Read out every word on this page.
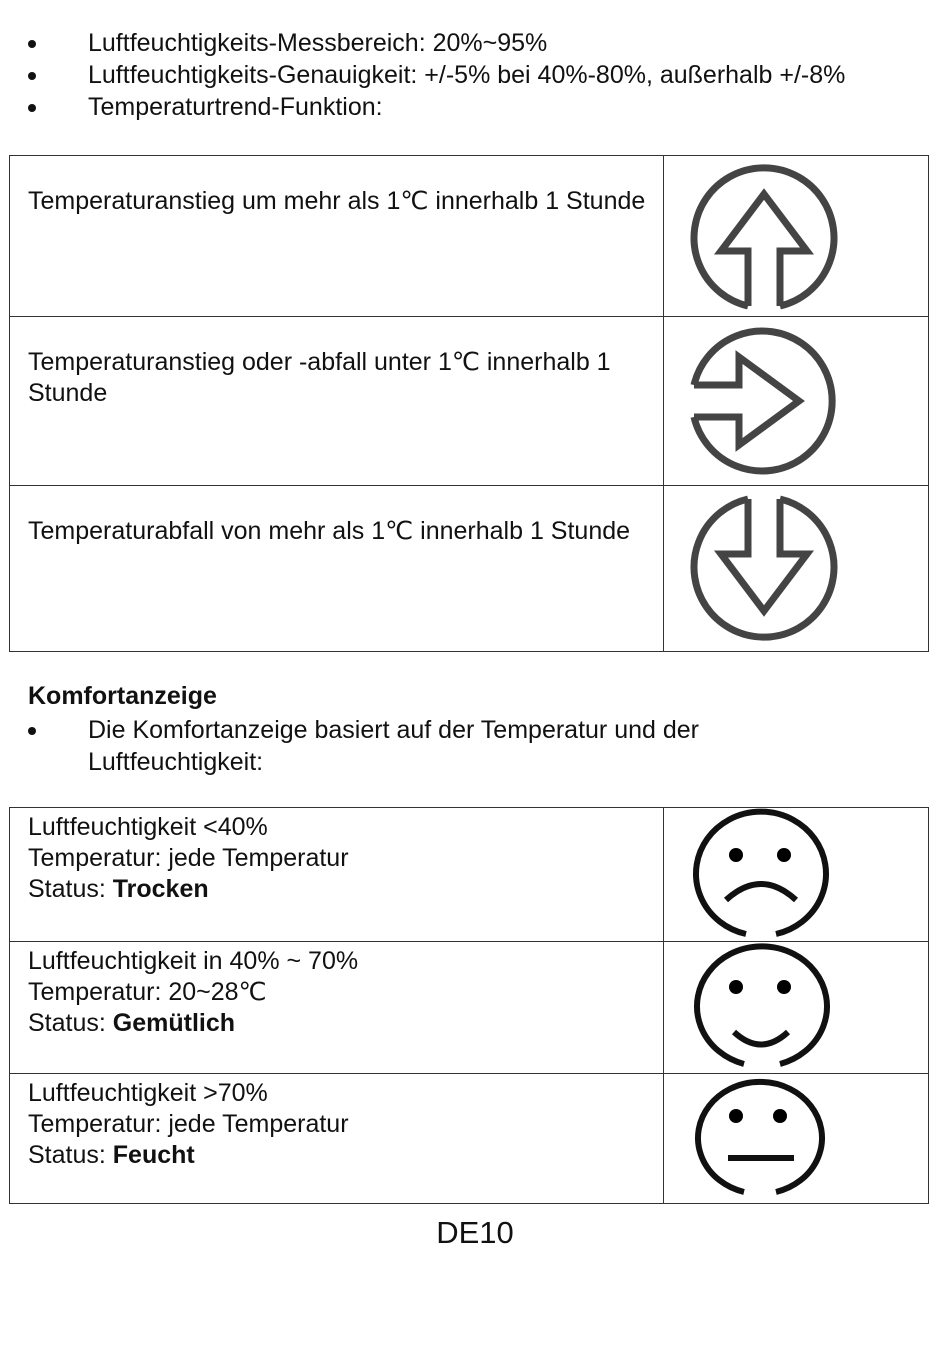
Luftfeuchtigkeits-Messbereich: 20%~95%
Luftfeuchtigkeits-Genauigkeit: +/-5% bei 40%-80%, außerhalb +/-8%
Temperaturtrend-Funktion:
Temperaturanstieg um mehr als 1℃ innerhalb 1 Stunde	

Temperaturanstieg oder -abfall unter 1℃ innerhalb 1 Stunde	

Temperaturabfall von mehr als 1℃ innerhalb 1 Stunde	
Komfortanzeige
Die Komfortanzeige basiert auf der Temperatur und der Luftfeuchtigkeit:
Luftfeuchtigkeit <40%
Temperatur: jede Temperatur
Status: Trocken

Luftfeuchtigkeit in 40% ~ 70%
Temperatur: 20~28℃
Status: Gemütlich

Luftfeuchtigkeit >70%
Temperatur: jede Temperatur
Status: Feucht

DE10
